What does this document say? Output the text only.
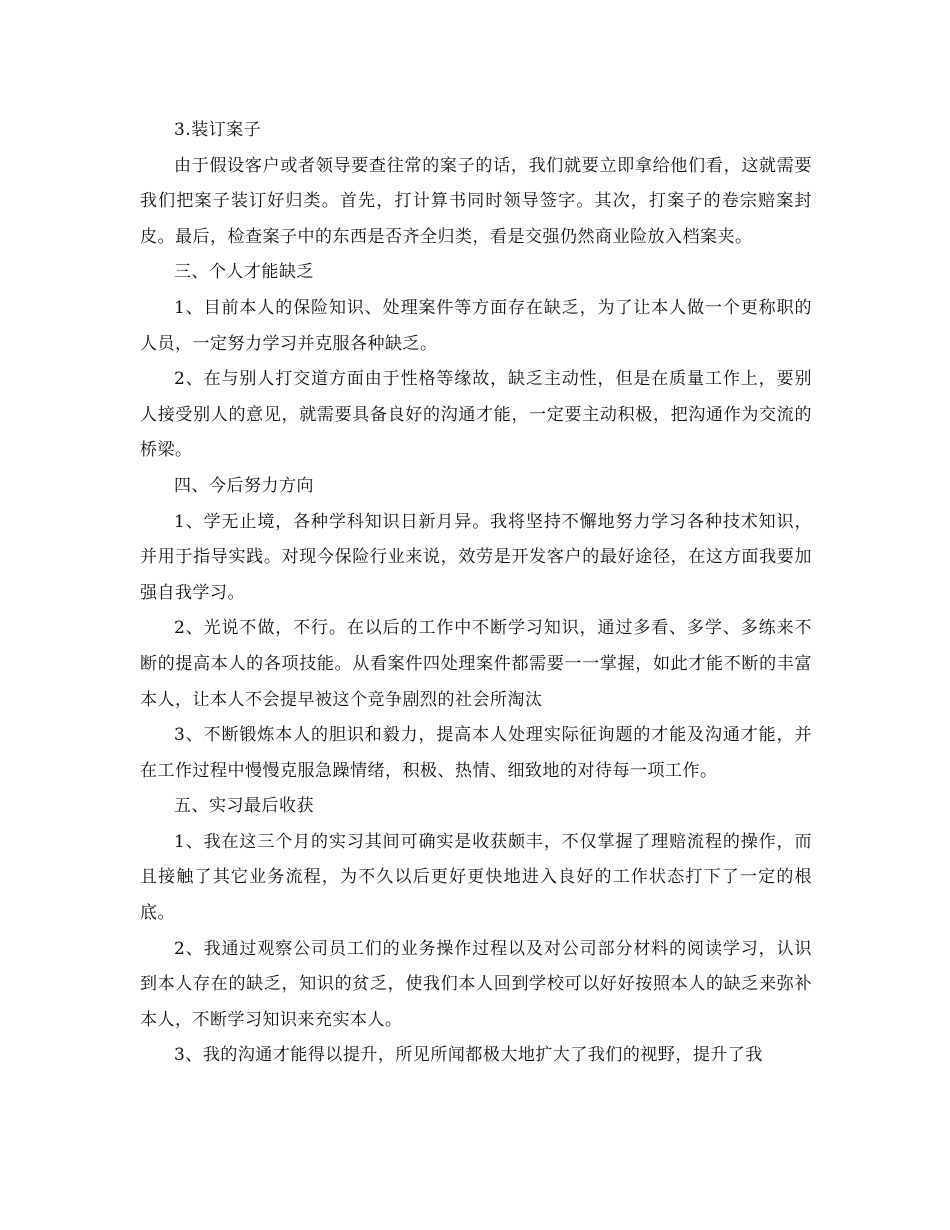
3.装订案子

由于假设客户或者领导要查往常的案子的话，我们就要立即拿给他们看，这就需要我们把案子装订好归类。首先，打计算书同时领导签字。其次，打案子的卷宗赔案封皮。最后，检查案子中的东西是否齐全归类，看是交强仍然商业险放入档案夹。

三、个人才能缺乏

1、目前本人的保险知识、处理案件等方面存在缺乏，为了让本人做一个更称职的人员，一定努力学习并克服各种缺乏。

2、在与别人打交道方面由于性格等缘故，缺乏主动性，但是在质量工作上，要别人接受别人的意见，就需要具备良好的沟通才能，一定要主动积极，把沟通作为交流的桥梁。

四、今后努力方向

1、学无止境，各种学科知识日新月异。我将坚持不懈地努力学习各种技术知识，并用于指导实践。对现今保险行业来说，效劳是开发客户的最好途径，在这方面我要加强自我学习。

2、光说不做，不行。在以后的工作中不断学习知识，通过多看、多学、多练来不断的提高本人的各项技能。从看案件四处理案件都需要一一掌握，如此才能不断的丰富本人，让本人不会提早被这个竞争剧烈的社会所淘汰

3、不断锻炼本人的胆识和毅力，提高本人处理实际征询题的才能及沟通才能，并在工作过程中慢慢克服急躁情绪，积极、热情、细致地的对待每一项工作。

五、实习最后收获

1、我在这三个月的实习其间可确实是收获颇丰，不仅掌握了理赔流程的操作，而且接触了其它业务流程，为不久以后更好更快地进入良好的工作状态打下了一定的根底。

2、我通过观察公司员工们的业务操作过程以及对公司部分材料的阅读学习，认识到本人存在的缺乏，知识的贫乏，使我们本人回到学校可以好好按照本人的缺乏来弥补本人，不断学习知识来充实本人。

3、我的沟通才能得以提升，所见所闻都极大地扩大了我们的视野，提升了我
